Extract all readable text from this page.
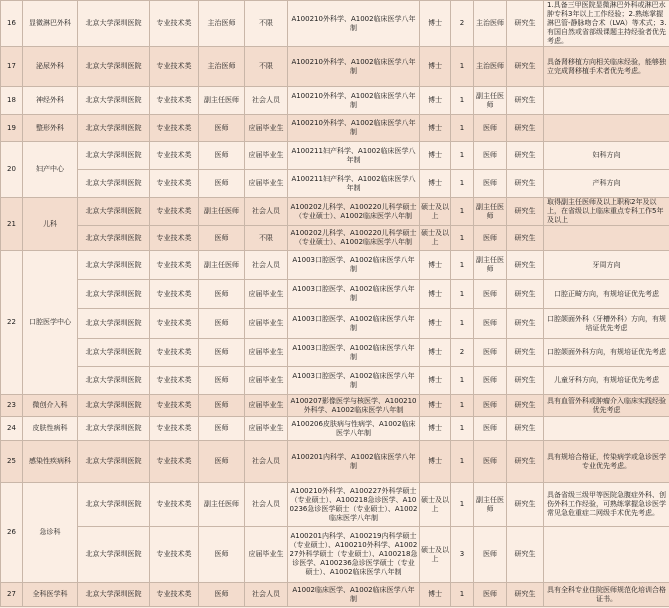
16	显微淋巴外科	北京大学深圳医院	专业技术类	主治医师	不限	A100210外科学、A1002临床医学八年制	博士	2	主治医师	研究生	1.具备三甲医院显微淋巴外科或淋巴水肿专科3年以上工作经验；2.熟练掌握淋巴管-静脉吻合术（LVA）等术式；3.有国自然或省部级课题主持经验者优先考虑。
17	泌尿外科	北京大学深圳医院	专业技术类	主治医师	不限	A100210外科学、A1002临床医学八年制	博士	1	主治医师	研究生	具备肾移植方向相关临床经验，能够独立完成肾移植手术者优先考虑。
18	神经外科	北京大学深圳医院	专业技术类	副主任医师	社会人员	A100210外科学、A1002临床医学八年制	博士	1	副主任医师	研究生	
19	整形外科	北京大学深圳医院	专业技术类	医师	应届毕业生	A100210外科学、A1002临床医学八年制	博士	1	医师	研究生	
20	妇产中心	北京大学深圳医院	专业技术类	医师	应届毕业生	A100211妇产科学、A1002临床医学八年制	博士	1	医师	研究生	妇科方向
		北京大学深圳医院	专业技术类	医师	应届毕业生	A100211妇产科学、A1002临床医学八年制	博士	1	医师	研究生	产科方向
21	儿科	北京大学深圳医院	专业技术类	副主任医师	社会人员	A100202儿科学、A100220儿科学硕士（专业硕士）、A1002临床医学八年制	硕士及以上	1	副主任医师	研究生	取得副主任医师及以上职称2年及以上，在省级以上临床重点专科工作5年及以上
		北京大学深圳医院	专业技术类	医师	不限	A100202儿科学、A100220儿科学硕士（专业硕士）、A1002临床医学八年制	硕士及以上	1	医师	研究生	
22	口腔医学中心	北京大学深圳医院	专业技术类	副主任医师	社会人员	A1003口腔医学、A1002临床医学八年制	博士	1	副主任医师	研究生	牙周方向
		北京大学深圳医院	专业技术类	医师	应届毕业生	A1003口腔医学、A1002临床医学八年制	博士	1	医师	研究生	口腔正畸方向，有规培证优先考虑
		北京大学深圳医院	专业技术类	医师	应届毕业生	A1003口腔医学、A1002临床医学八年制	博士	1	医师	研究生	口腔颌面外科（牙槽外科）方向，有规培证优先考虑
		北京大学深圳医院	专业技术类	医师	应届毕业生	A1003口腔医学、A1002临床医学八年制	博士	2	医师	研究生	口腔颌面外科方向，有规培证优先考虑
		北京大学深圳医院	专业技术类	医师	应届毕业生	A1003口腔医学、A1002临床医学八年制	博士	1	医师	研究生	儿童牙科方向，有规培证优先考虑
23	微创介入科	北京大学深圳医院	专业技术类	医师	应届毕业生	A100207影像医学与核医学、A100210外科学、A1002临床医学八年制	博士	1	医师	研究生	具有血管外科或肿瘤介入临床实践经验优先考虑
24	皮肤性病科	北京大学深圳医院	专业技术类	医师	应届毕业生	A100206皮肤病与性病学、A1002临床医学八年制	博士	1	医师	研究生	
25	感染性疾病科	北京大学深圳医院	专业技术类	医师	社会人员	A100201内科学、A1002临床医学八年制	博士	1	医师	研究生	具有规培合格证，传染病学或急诊医学专业优先考虑。
26	急诊科	北京大学深圳医院	专业技术类	副主任医师	社会人员	A100210外科学、A100227外科学硕士（专业硕士）、A100218急诊医学、A100236急诊医学硕士（专业硕士）、A1002临床医学八年制	硕士及以上	1	副主任医师	研究生	具备省级三级甲等医院急腹症外科、创伤外科工作经验，可熟练掌握急诊医学常见急危重症二网级手术优先考虑。
		北京大学深圳医院	专业技术类	医师	应届毕业生	A100201内科学、A100219内科学硕士（专业硕士）、A100210外科学、A100227外科学硕士（专业硕士）、A100218急诊医学、A100236急诊医学硕士（专业硕士）、A1002临床医学八年制	硕士及以上	3	医师	研究生	
27	全科医学科	北京大学深圳医院	专业技术类	医师	社会人员	A1002临床医学、A1002临床医学八年制	博士	1	医师	研究生	具有全科专业住院医师规范化培训合格证书。
